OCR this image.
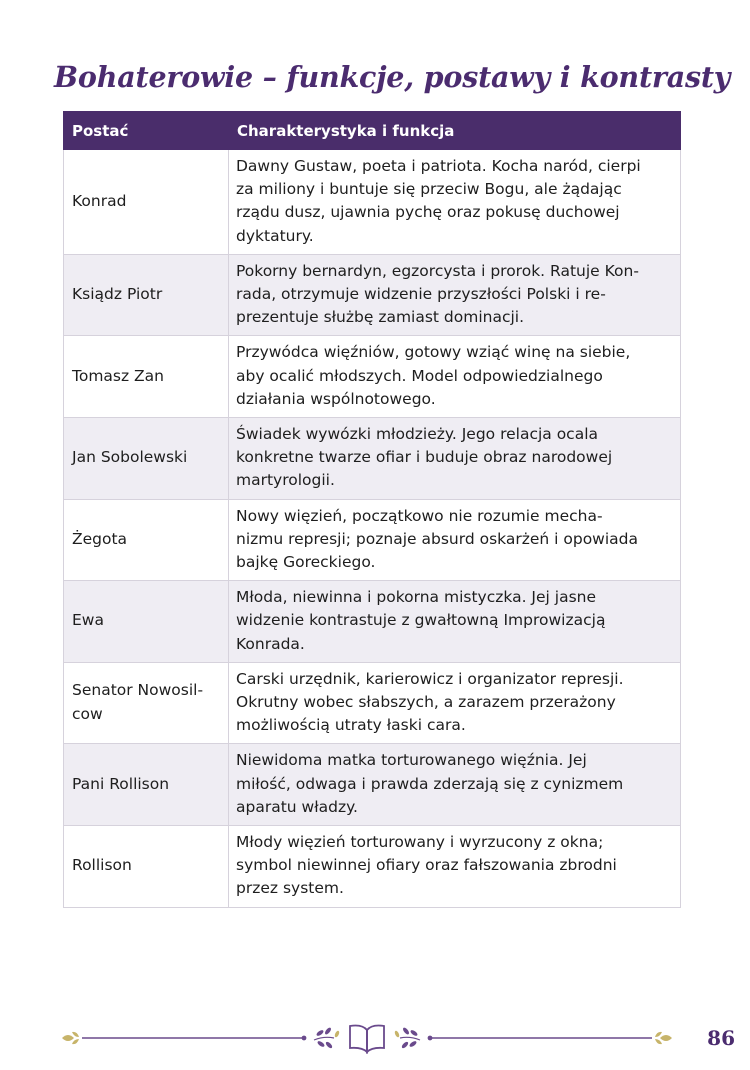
Bohaterowie – funkcje, postawy i kontrasty
Postać	Charakterystyka i funkcja
Konrad	Dawny Gustaw, poeta i patriota. Kocha naród, cierpi
za miliony i buntuje się przeciw Bogu, ale żądając
rządu dusz, ujawnia pychę oraz pokusę duchowej
dyktatury.
Ksiądz Piotr	Pokorny bernardyn, egzorcysta i prorok. Ratuje Kon-
rada, otrzymuje widzenie przyszłości Polski i re-
prezentuje służbę zamiast dominacji.
Tomasz Zan	Przywódca więźniów, gotowy wziąć winę na siebie,
aby ocalić młodszych. Model odpowiedzialnego
działania wspólnotowego.
Jan Sobolewski	Świadek wywózki młodzieży. Jego relacja ocala
konkretne twarze ofiar i buduje obraz narodowej
martyrologii.
Żegota	Nowy więzień, początkowo nie rozumie mecha-
nizmu represji; poznaje absurd oskarżeń i opowiada
bajkę Goreckiego.
Ewa	Młoda, niewinna i pokorna mistyczka. Jej jasne
widzenie kontrastuje z gwałtowną Improwizacją
Konrada.
Senator Nowosil-
cow	Carski urzędnik, karierowicz i organizator represji.
Okrutny wobec słabszych, a zarazem przerażony
możliwością utraty łaski cara.
Pani Rollison	Niewidoma matka torturowanego więźnia. Jej
miłość, odwaga i prawda zderzają się z cynizmem
aparatu władzy.
Rollison	Młody więzień torturowany i wyrzucony z okna;
symbol niewinnej ofiary oraz fałszowania zbrodni
przez system.
86
